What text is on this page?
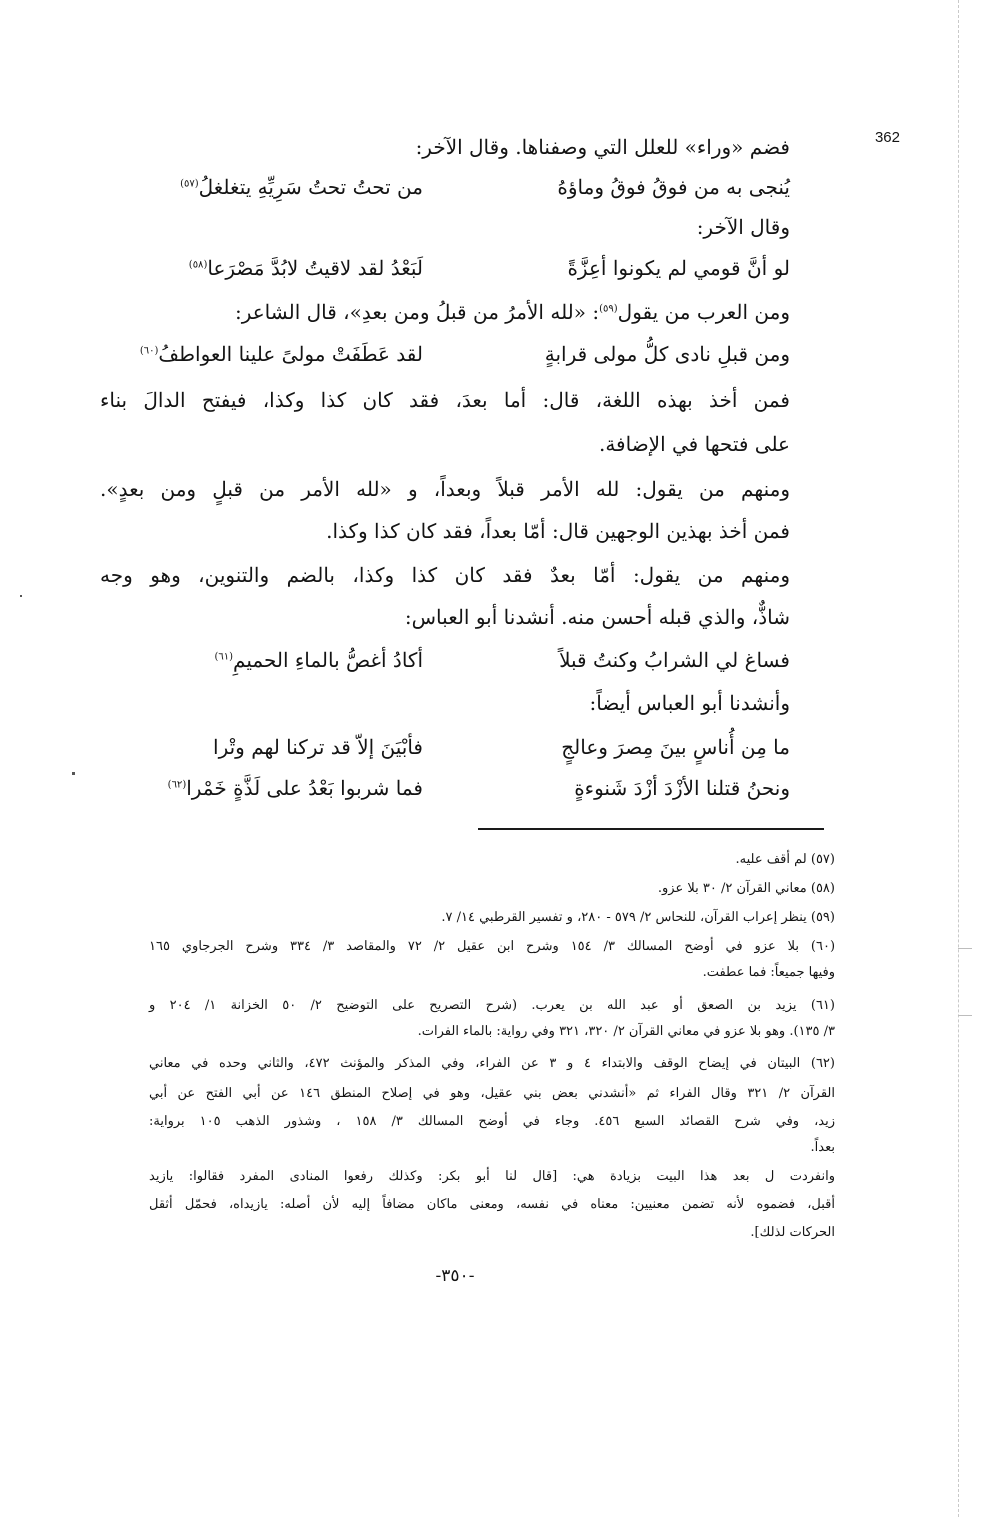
362
فضم «وراء» للعلل التي وصفناها. وقال الآخر:
يُنجى به من فوقُ فوقُ وماؤهُ
من تحتُ تحتُ سَرِيِّهِ يتغلغلُ$^{(٥٧)}$
وقال الآخر:
لو أنَّ قومي لم يكونوا أعِزَّةً
لَبَعْدُ لقد لاقيتُ لابُدَّ مَصْرَعا$^{(٥٨)}$
ومن العرب من يقول$^{(٥٩)}$: «لله الأمرُ من قبلُ ومن بعدِ»، قال الشاعر:
ومن قبلِ نادى كلُّ مولى قرابةٍ
لقد عَطَفَتْ مولىً علينا العواطفُ$^{(٦٠)}$
فمن أخذ بهذه اللغة، قال: أما بعدَ، فقد كان كذا وكذا، فيفتح الدالَ بناء
على فتحها في الإضافة.
ومنهم من يقول: لله الأمر قبلاً وبعداً، و «لله الأمر من قبلٍ ومن بعدٍ».
فمن أخذ بهذين الوجهين قال: أمّا بعداً، فقد كان كذا وكذا.
ومنهم من يقول: أمّا بعدٌ فقد كان كذا وكذا، بالضم والتنوين، وهو وجه
شاذٌّ، والذي قبله أحسن منه. أنشدنا أبو العباس:
فساغ لي الشرابُ وكنتُ قبلاً
أكادُ أغصُّ بالماءِ الحميمِ$^{(٦١)}$
وأنشدنا أبو العباس أيضاً:
ما مِن أُناسٍ بينَ مِصرَ وعالجٍ
فأبْيَنَ إلاّ قد تركنا لهم وتْرا
ونحنُ قتلنا الأزْدَ أزْدَ شَنوءةٍ
فما شربوا بَعْدُ على لَذَّةٍ خَمْرا$^{(٦٢)}$
(٥٧) لم أقف عليه.
(٥٨) معاني القرآن ٢/ ٣٠ بلا عزو.
(٥٩) ينظر إعراب القرآن، للنحاس ٢/ ٥٧٩ - ٢٨٠، و تفسير القرطبي ١٤/ ٧.
(٦٠) بلا عزو في أوضح المسالك ٣/ ١٥٤ وشرح ابن عقيل ٢/ ٧٢ والمقاصد ٣/ ٣٣٤ وشرح الجرجاوي ١٦٥
وفيها جميعاً: فما عطفت.
(٦١) يزيد بن الصعق أو عبد الله بن يعرب. (شرح التصريح على التوضيح ٢/ ٥٠ الخزانة ١/ ٢٠٤ و
٣/ ١٣٥). وهو بلا عزو في معاني القرآن ٢/ ٣٢٠، ٣٢١ وفي رواية: بالماء الفرات.
(٦٢) البيتان في إيضاح الوقف والابتداء ٤ و ٣ عن الفراء، وفي المذكر والمؤنث ٤٧٢، والثاني وحده في معاني
القرآن ٢/ ٣٢١ وقال الفراء ثم «أنشدني بعض بني عقيل، وهو في إصلاح المنطق ١٤٦ عن أبي الفتح عن أبي
زيد، وفي شرح القصائد السبع ٤٥٦. وجاء في أوضح المسالك ٣/ ١٥٨ ، وشذور الذهب ١٠٥ برواية:
بعداً.
وانفردت ل بعد هذا البيت بزيادة هي: [قال لنا أبو بكر: وكذلك رفعوا المنادى المفرد فقالوا: يازيد
أقبل، فضموه لأنه تضمن معنيين: معناه في نفسه، ومعنى ماكان مضافاً إليه لأن أصله: يازيداه، فحمّل أثقل
الحركات لذلك].
-٣٥٠-
